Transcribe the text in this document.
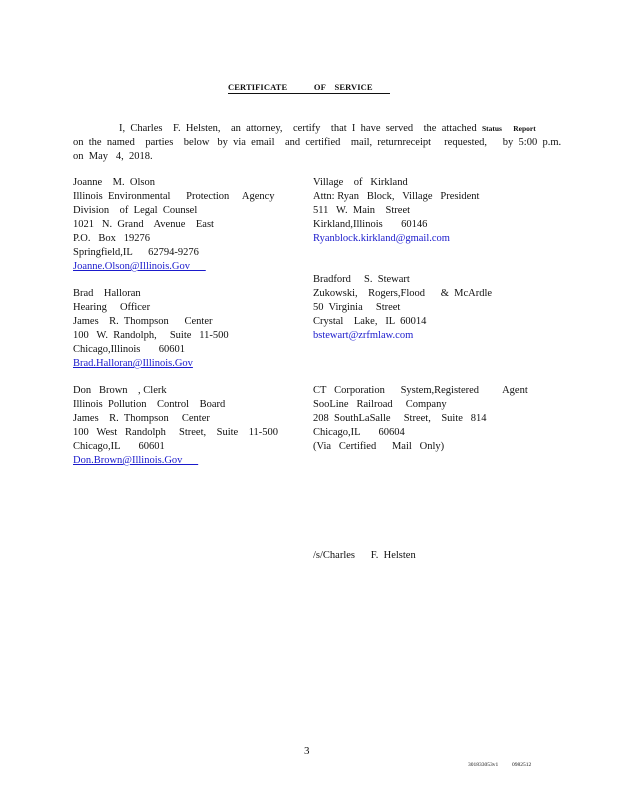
CERTIFICATE            OF    SERVICE
I,  Charles    F.  Helsten,    an  attorney,    certify    that  I  have  served    the  attached  Status      Report
on  the  named    parties    below   by  via  email    and  certified    mail,  returnreceipt     requested,      by  5:00  p.m.
on  May   4,  2018.
Joanne    M.  Olson
Illinois  Environmental      Protection     Agency
Division    of  Legal  Counsel
1021   N.  Grand    Avenue    East
P.O.   Box   19276
Springfield,IL      62794-9276
Joanne.Olson@Illinois.Gov
Brad    Halloran
Hearing     Officer
James    R.  Thompson      Center
100   W.  Randolph,     Suite   11-500
Chicago,Illinois       60601
Brad.Halloran@Illinois.Gov
Don   Brown    , Clerk
Illinois  Pollution    Control    Board
James    R.  Thompson     Center
100   West   Randolph     Street,    Suite    11-500
Chicago,IL       60601
Don.Brown@Illinois.Gov
Village    of   Kirkland
Attn: Ryan   Block,   Village   President
511   W.  Main    Street
Kirkland,Illinois       60146
Ryanblock.kirkland@gmail.com
Bradford     S.  Stewart
Zukowski,    Rogers,Flood      &  McArdle
50  Virginia     Street
Crystal    Lake,   IL  60014
bstewart@zrfmlaw.com
CT   Corporation      System,Registered         Agent
SooLine   Railroad     Company
208  SouthLaSalle     Street,    Suite   814
Chicago,IL       60604
(Via   Certified      Mail   Only)
/s/Charles      F.  Helsten
3
301833053v1          0982512
